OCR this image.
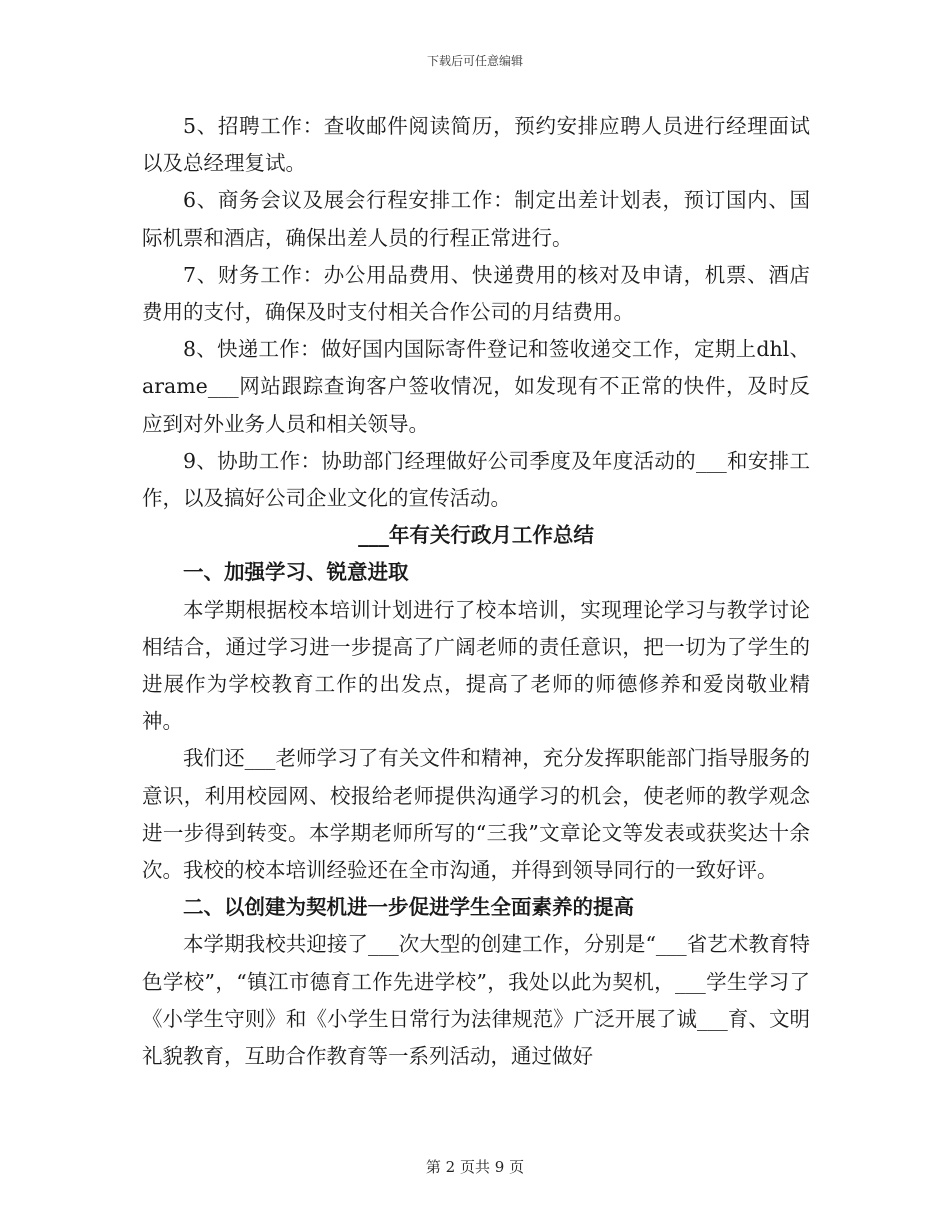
下载后可任意编辑

5、招聘工作：查收邮件阅读简历，预约安排应聘人员进行经理面试以及总经理复试。

6、商务会议及展会行程安排工作：制定出差计划表，预订国内、国际机票和酒店，确保出差人员的行程正常进行。

7、财务工作：办公用品费用、快递费用的核对及申请，机票、酒店费用的支付，确保及时支付相关合作公司的月结费用。

8、快递工作：做好国内国际寄件登记和签收递交工作，定期上dhl、arame___网站跟踪查询客户签收情况，如发现有不正常的快件，及时反应到对外业务人员和相关领导。

9、协助工作：协助部门经理做好公司季度及年度活动的___和安排工作，以及搞好公司企业文化的宣传活动。

___年有关行政月工作总结

一、加强学习、锐意进取

本学期根据校本培训计划进行了校本培训，实现理论学习与教学讨论相结合，通过学习进一步提高了广阔老师的责任意识，把一切为了学生的进展作为学校教育工作的出发点，提高了老师的师德修养和爱岗敬业精神。

我们还___老师学习了有关文件和精神，充分发挥职能部门指导服务的意识，利用校园网、校报给老师提供沟通学习的机会，使老师的教学观念进一步得到转变。本学期老师所写的“三我”文章论文等发表或获奖达十余次。我校的校本培训经验还在全市沟通，并得到领导同行的一致好评。

二、以创建为契机进一步促进学生全面素养的提高

本学期我校共迎接了___次大型的创建工作，分别是“___省艺术教育特色学校”，“镇江市德育工作先进学校”，我处以此为契机，___学生学习了《小学生守则》和《小学生日常行为法律规范》广泛开展了诚___育、文明礼貌教育，互助合作教育等一系列活动，通过做好

第 2 页共 9 页
